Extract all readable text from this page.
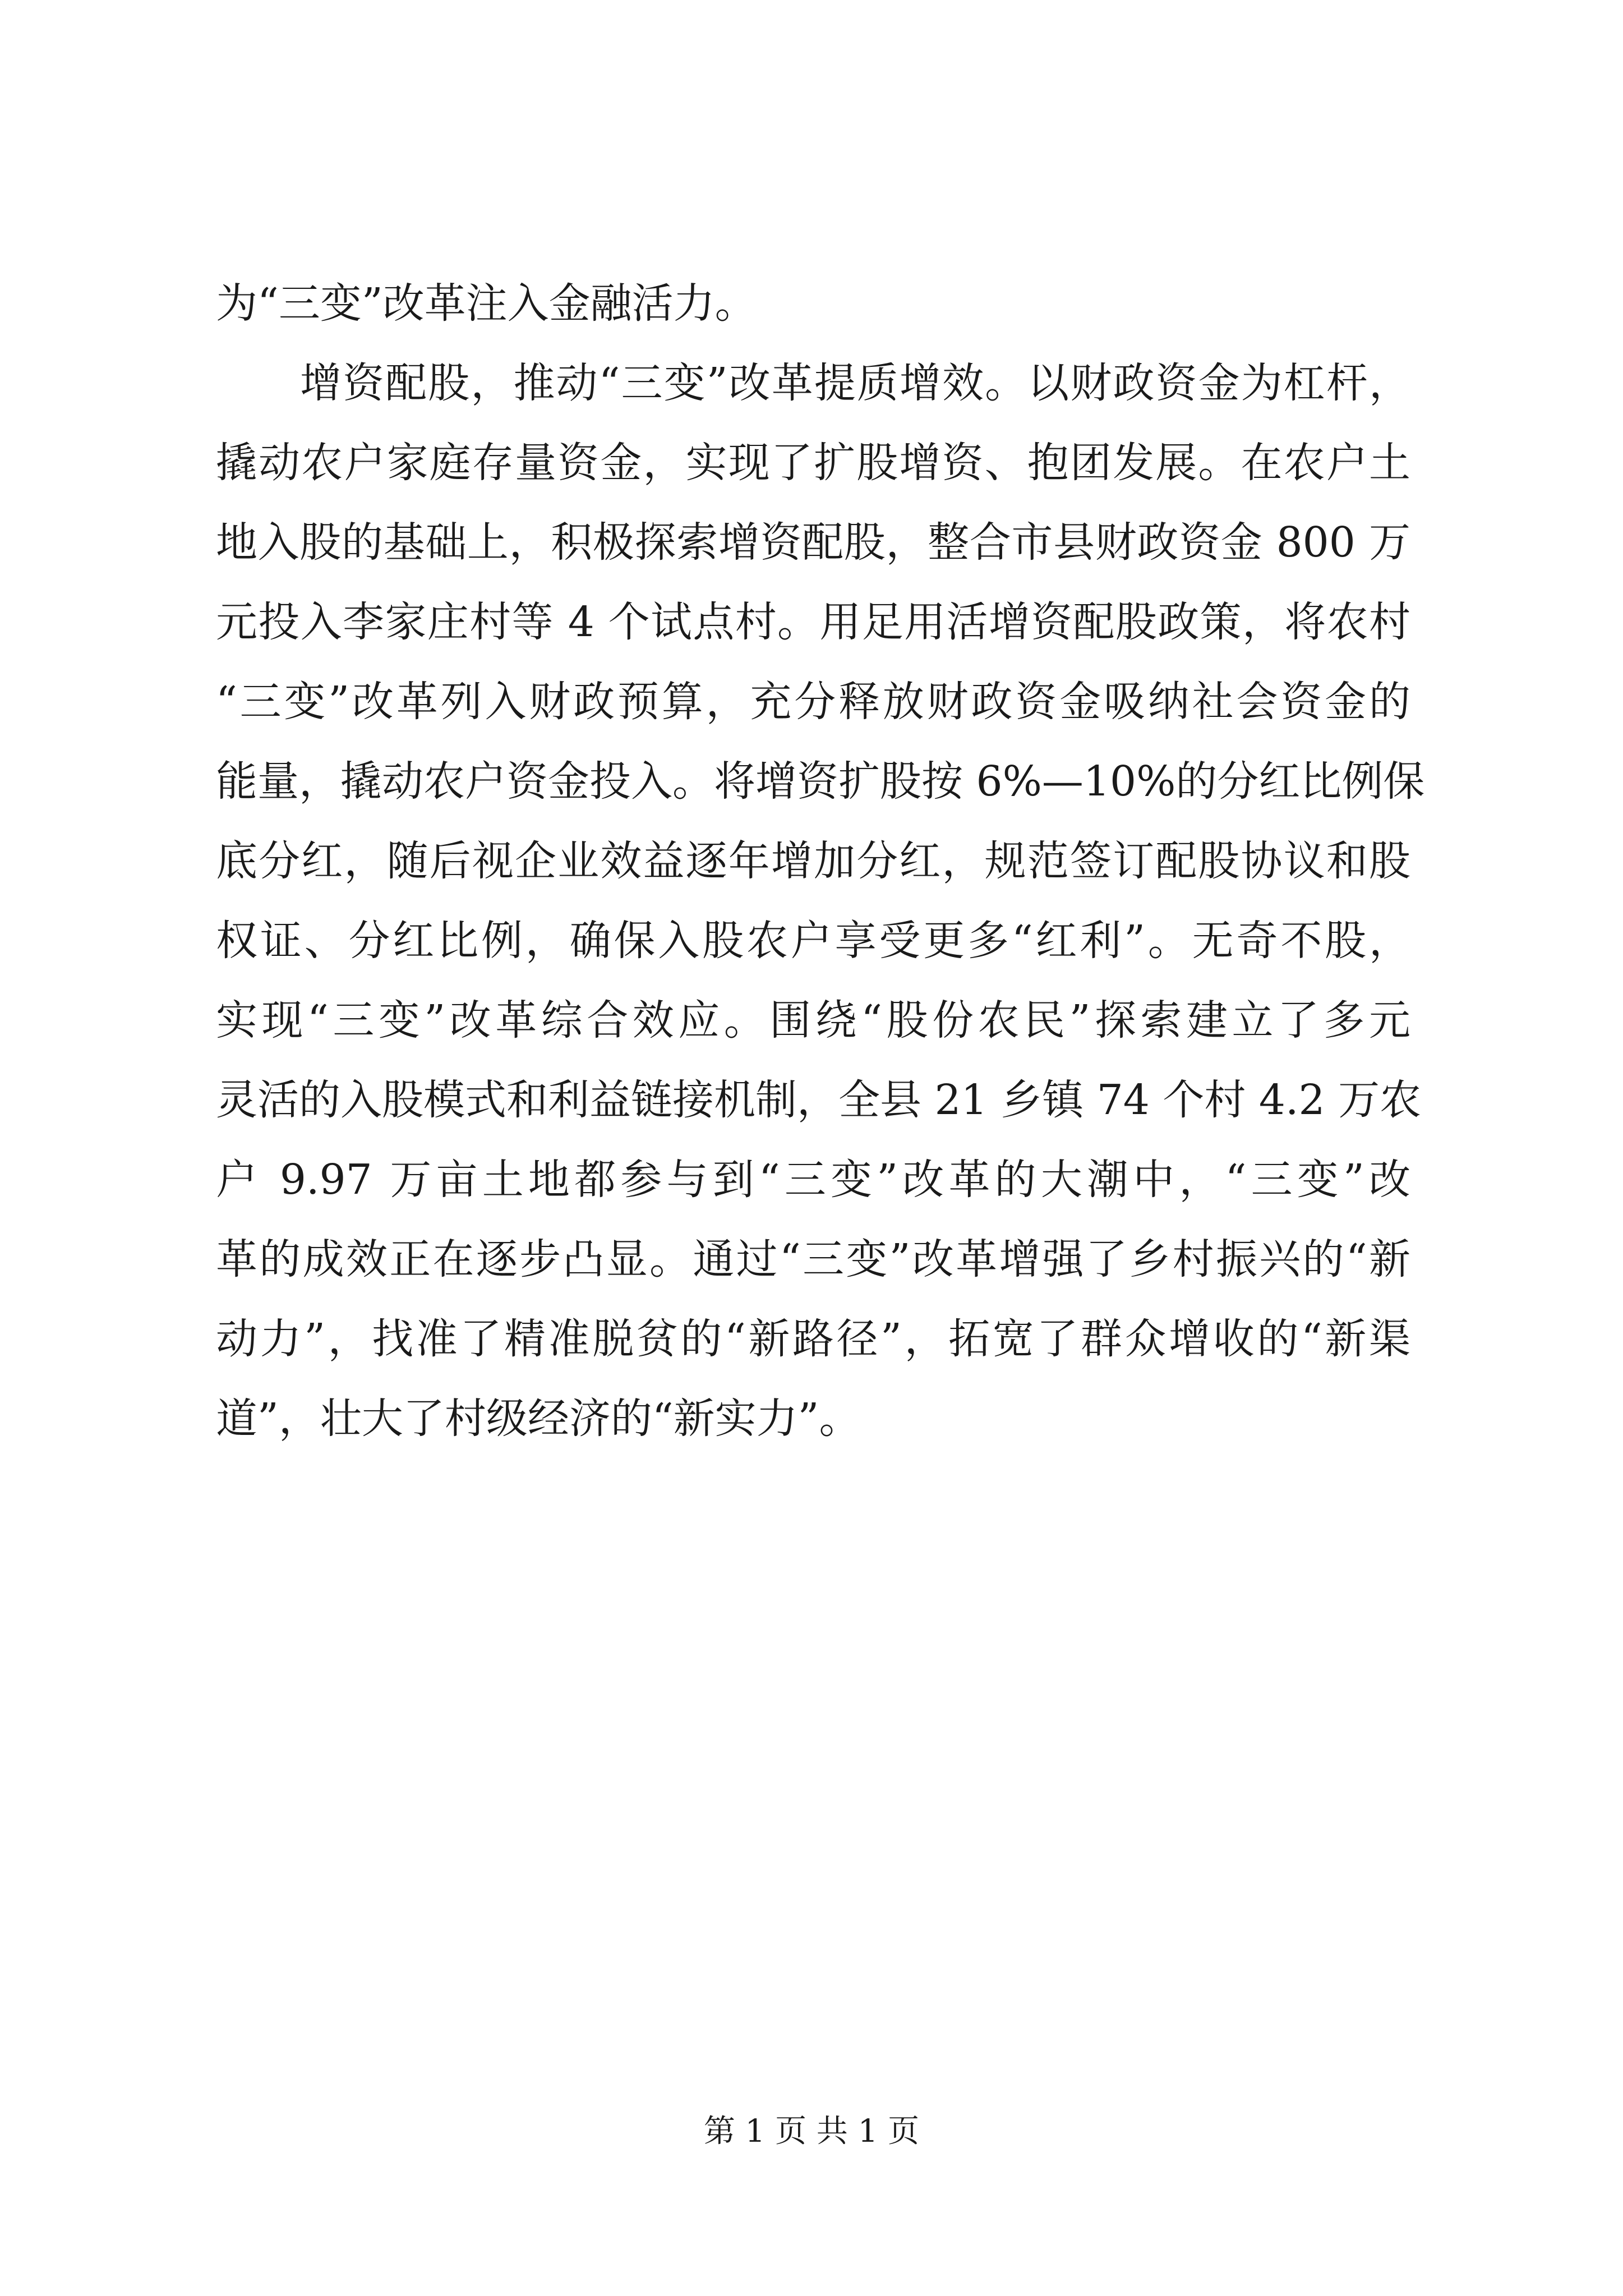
为“三变”改革注入金融活力。
增资配股，推动“三变”改革提质增效。以财政资金为杠杆，
撬动农户家庭存量资金，实现了扩股增资、抱团发展。在农户土
地入股的基础上，积极探索增资配股，整合市县财政资金 800 万
元投入李家庄村等 4 个试点村。用足用活增资配股政策，将农村
“三变”改革列入财政预算，充分释放财政资金吸纳社会资金的
能量，撬动农户资金投入。将增资扩股按 6%—10%的分红比例保
底分红，随后视企业效益逐年增加分红，规范签订配股协议和股
权证、分红比例，确保入股农户享受更多“红利”。无奇不股，
实现“三变”改革综合效应。围绕“股份农民”探索建立了多元
灵活的入股模式和利益链接机制，全县 21 乡镇 74 个村 4.2 万农
户 9.97 万亩土地都参与到“三变”改革的大潮中，“三变”改
革的成效正在逐步凸显。通过“三变”改革增强了乡村振兴的“新
动力”，找准了精准脱贫的“新路径”，拓宽了群众增收的“新渠
道”，壮大了村级经济的“新实力”。
第 1 页 共 1 页
